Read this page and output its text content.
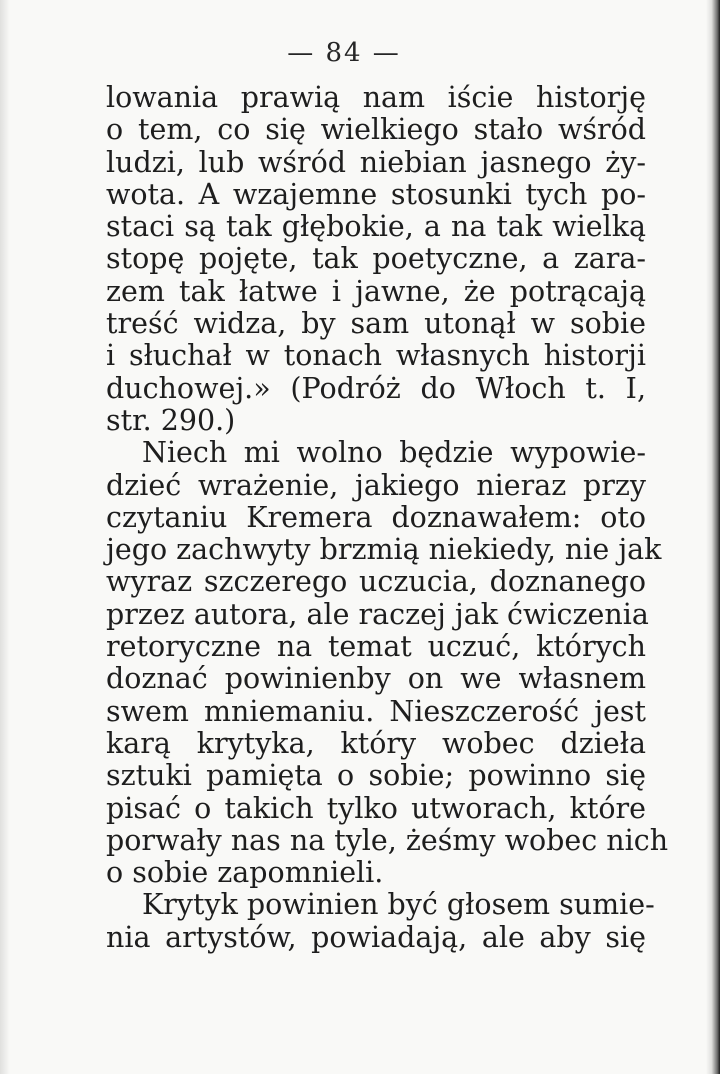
— 84 —
lowania prawią nam iście historję
o tem, co się wielkiego stało wśród
ludzi, lub wśród niebian jasnego ży-
wota. A wzajemne stosunki tych po-
staci są tak głębokie, a na tak wielką
stopę pojęte, tak poetyczne, a zara-
zem tak łatwe i jawne, że potrącają
treść widza, by sam utonął w sobie
i słuchał w tonach własnych historji
duchowej.» (Podróż do Włoch t. I,
str. 290.)
Niech mi wolno będzie wypowie-
dzieć wrażenie, jakiego nieraz przy
czytaniu Kremera doznawałem: oto
jego zachwyty brzmią niekiedy, nie jak
wyraz szczerego uczucia, doznanego
przez autora, ale raczej jak ćwiczenia
retoryczne na temat uczuć, których
doznać powinienby on we własnem
swem mniemaniu. Nieszczerość jest
karą krytyka, który wobec dzieła
sztuki pamięta o sobie; powinno się
pisać o takich tylko utworach, które
porwały nas na tyle, żeśmy wobec nich
o sobie zapomnieli.
Krytyk powinien być głosem sumie-
nia artystów, powiadają, ale aby się
